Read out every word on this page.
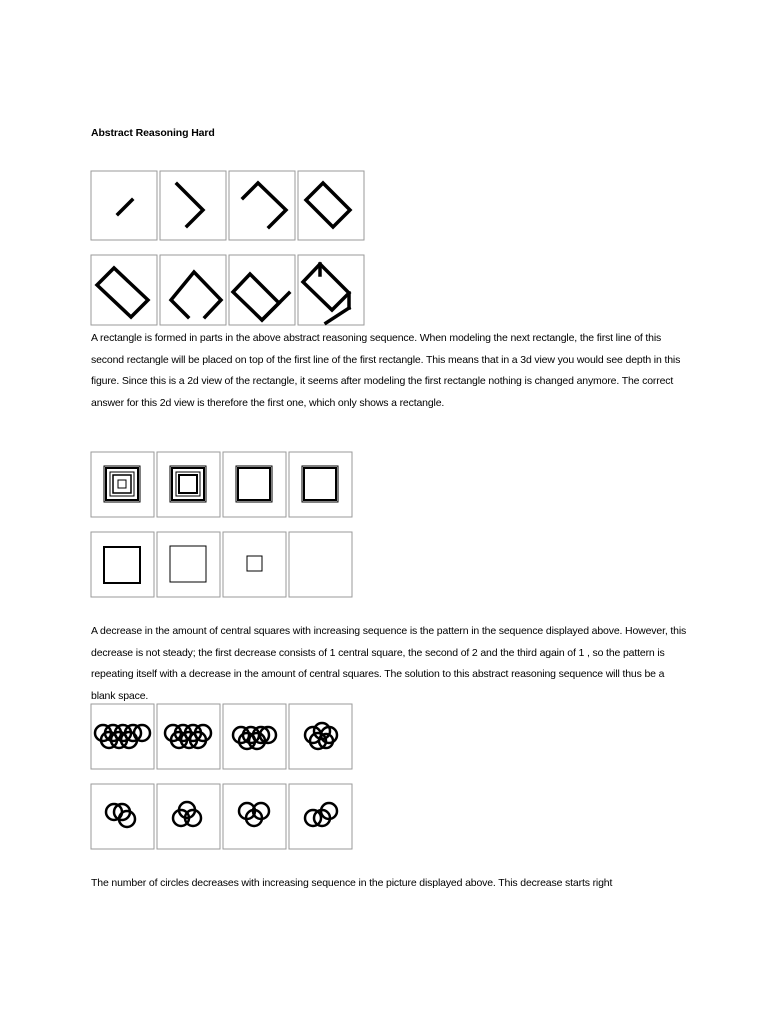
Abstract Reasoning Hard

A rectangle is formed in parts in the above abstract reasoning sequence. When modeling the next rectangle, the first line of this second rectangle will be placed on top of the first line of the first rectangle. This means that in a 3d view you would see depth in this figure. Since this is a 2d view of the rectangle, it seems after modeling the first rectangle nothing is changed anymore. The correct answer for this 2d view is therefore the first one, which only shows a rectangle.

A decrease in the amount of central squares with increasing sequence is the pattern in the sequence displayed above. However, this decrease is not steady; the first decrease consists of 1 central square, the second of 2 and the third again of 1 , so the pattern is repeating itself with a decrease in the amount of central squares. The solution to this abstract reasoning sequence will thus be a blank space.

The number of circles decreases with increasing sequence in the picture displayed above. This decrease starts right
